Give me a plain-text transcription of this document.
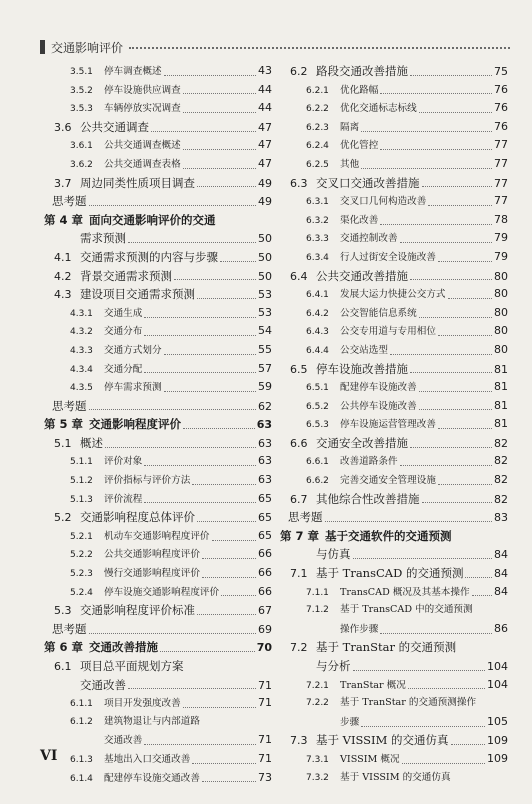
交通影响评价
3.5.1	停车调查概述	43
3.5.2	停车设施供应调查	44
3.5.3	车辆停放实况调查	44
3.6 公共交通调查	47
3.6.1	公共交通调查概述	47
3.6.2	公共交通调查表格	47
3.7 周边同类性质项目调查	49
思考题	49
第 4 章 面向交通影响评价的交通
需求预测	50
4.1 交通需求预测的内容与步骤	50
4.2 背景交通需求预测	50
4.3 建设项目交通需求预测	53
4.3.1	交通生成	53
4.3.2	交通分布	54
4.3.3	交通方式划分	55
4.3.4	交通分配	57
4.3.5	停车需求预测	59
思考题	62
第 5 章 交通影响程度评价	63
5.1 概述	63
5.1.1	评价对象	63
5.1.2	评价指标与评价方法	63
5.1.3	评价流程	65
5.2 交通影响程度总体评价	65
5.2.1	机动车交通影响程度评价	65
5.2.2	公共交通影响程度评价	66
5.2.3	慢行交通影响程度评价	66
5.2.4	停车设施交通影响程度评价	66
5.3 交通影响程度评价标准	67
思考题	69
第 6 章 交通改善措施	70
6.1 项目总平面规划方案
交通改善	71
6.1.1	项目开发强度改善	71
6.1.2	建筑物退让与内部道路
交通改善	71
6.1.3	基地出入口交通改善	71
6.1.4	配建停车设施交通改善	73
6.2 路段交通改善措施	75
6.2.1	优化路幅	76
6.2.2	优化交通标志标线	76
6.2.3	隔离	76
6.2.4	优化管控	77
6.2.5	其他	77
6.3 交叉口交通改善措施	77
6.3.1	交叉口几何构造改善	77
6.3.2	渠化改善	78
6.3.3	交通控制改善	79
6.3.4	行人过街安全设施改善	79
6.4 公共交通改善措施	80
6.4.1	发展大运力快捷公交方式	80
6.4.2	公交智能信息系统	80
6.4.3	公交专用道与专用相位	80
6.4.4	公交站选型	80
6.5 停车设施改善措施	81
6.5.1	配建停车设施改善	81
6.5.2	公共停车设施改善	81
6.5.3	停车设施运营管理改善	81
6.6 交通安全改善措施	82
6.6.1	改善道路条件	82
6.6.2	完善交通安全管理设施	82
6.7 其他综合性改善措施	82
思考题	83
第 7 章 基于交通软件的交通预测
与仿真	84
7.1 基于 TransCAD 的交通预测	84
7.1.1	TransCAD 概况及其基本操作 84
7.1.2	基于 TransCAD 中的交通预测
操作步骤	86
7.2 基于 TranStar 的交通预测
与分析	104
7.2.1	TranStar 概况	104
7.2.2	基于 TranStar 的交通预测操作
步骤	105
7.3 基于 VISSIM 的交通仿真	109
7.3.1	VISSIM 概况	109
7.3.2	基于 VISSIM 的交通仿真
VI
